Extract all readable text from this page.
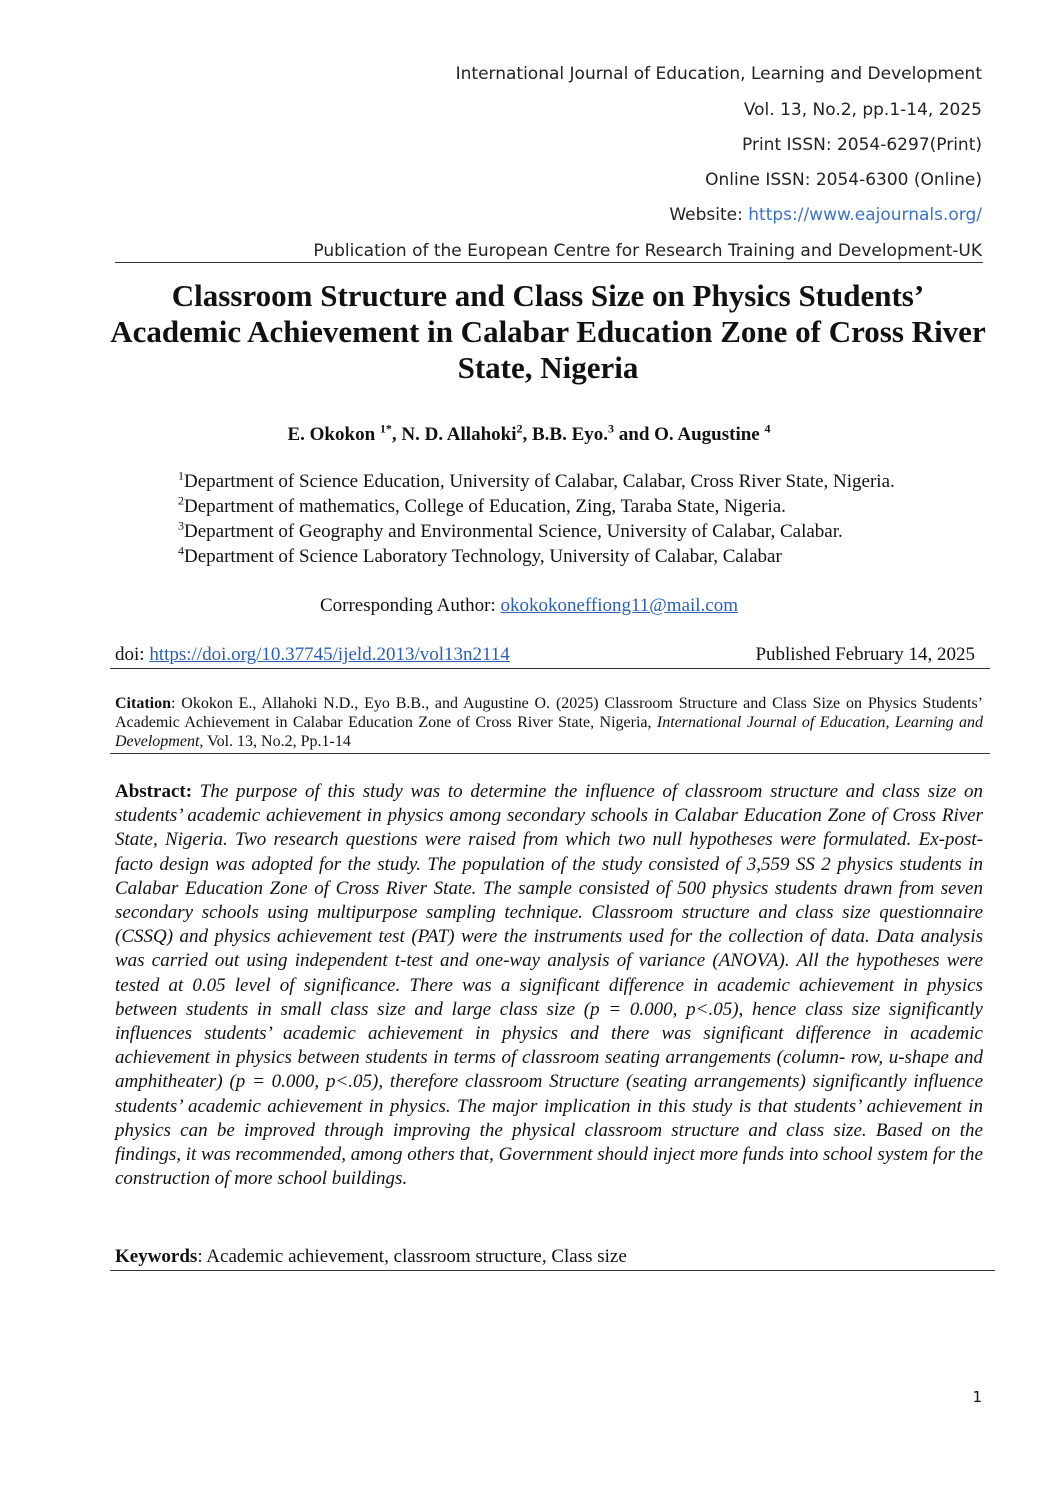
International Journal of Education, Learning and Development
Vol. 13, No.2, pp.1-14, 2025
Print ISSN: 2054-6297(Print)
Online ISSN: 2054-6300 (Online)
Website: https://www.eajournals.org/
Publication of the European Centre for Research Training and Development-UK
Classroom Structure and Class Size on Physics Students’ Academic Achievement in Calabar Education Zone of Cross River State, Nigeria
E. Okokon $^{1*}$, N. D. Allahoki$^2$, B.B. Eyo.$^3$ and O. Augustine $^4$
$^1$Department of Science Education, University of Calabar, Calabar, Cross River State, Nigeria.
$^2$Department of mathematics, College of Education, Zing, Taraba State, Nigeria.
$^3$Department of Geography and Environmental Science, University of Calabar, Calabar.
$^4$Department of Science Laboratory Technology, University of Calabar, Calabar
Corresponding Author: okokokoneffiong11@mail.com
doi: https://doi.org/10.37745/ijeld.2013/vol13n2114	Published February 14, 2025
Citation: Okokon E., Allahoki N.D., Eyo B.B., and Augustine O. (2025) Classroom Structure and Class Size on Physics Students’ Academic Achievement in Calabar Education Zone of Cross River State, Nigeria, International Journal of Education, Learning and Development, Vol. 13, No.2, Pp.1-14
Abstract: The purpose of this study was to determine the influence of classroom structure and class size on students’ academic achievement in physics among secondary schools in Calabar Education Zone of Cross River State, Nigeria. Two research questions were raised from which two null hypotheses were formulated. Ex-post-facto design was adopted for the study. The population of the study consisted of 3,559 SS 2 physics students in Calabar Education Zone of Cross River State. The sample consisted of 500 physics students drawn from seven secondary schools using multipurpose sampling technique. Classroom structure and class size questionnaire (CSSQ) and physics achievement test (PAT) were the instruments used for the collection of data. Data analysis was carried out using independent t-test and one-way analysis of variance (ANOVA). All the hypotheses were tested at 0.05 level of significance. There was a significant difference in academic achievement in physics between students in small class size and large class size (p = 0.000, p<.05), hence class size significantly influences students’ academic achievement in physics and there was significant difference in academic achievement in physics between students in terms of classroom seating arrangements (column- row, u-shape and amphitheater) (p = 0.000, p<.05), therefore classroom Structure (seating arrangements) significantly influence students’ academic achievement in physics. The major implication in this study is that students’ achievement in physics can be improved through improving the physical classroom structure and class size. Based on the findings, it was recommended, among others that, Government should inject more funds into school system for the construction of more school buildings.
Keywords: Academic achievement, classroom structure, Class size
1
